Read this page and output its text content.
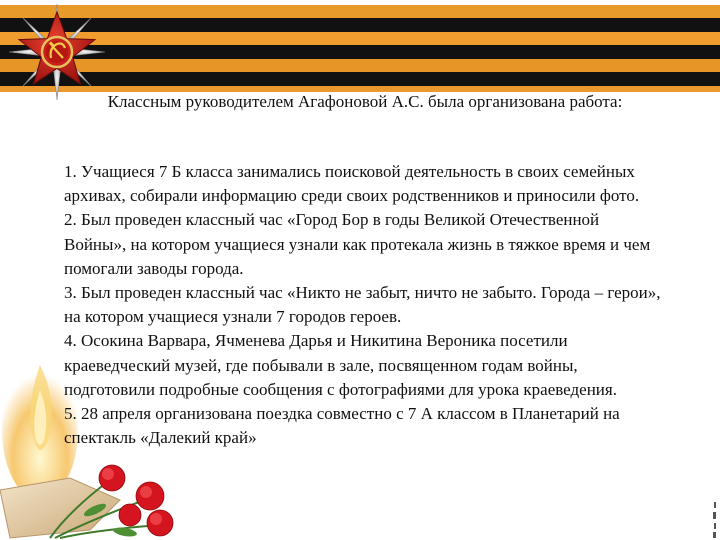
Классным руководителем Агафоновой А.С. была организована работа:

1. Учащиеся 7 Б класса занимались поисковой деятельность в своих семейных архивах, собирали информацию среди своих родственников и приносили фото.

2. Был проведен классный час «Город Бор в годы Великой Отечественной Войны», на котором учащиеся узнали как протекала жизнь в тяжкое время и чем помогали заводы города.

3. Был проведен классный час «Никто не забыт, ничто не забыто. Города – герои», на котором учащиеся узнали 7 городов героев.

4. Осокина Варвара, Ячменева Дарья и Никитина Вероника посетили краеведческий музей, где побывали в зале, посвященном годам войны, подготовили подробные сообщения с фотографиями для урока краеведения.

5. 28 апреля организована поездка совместно с 7 А классом в Планетарий на спектакль «Далекий край»
